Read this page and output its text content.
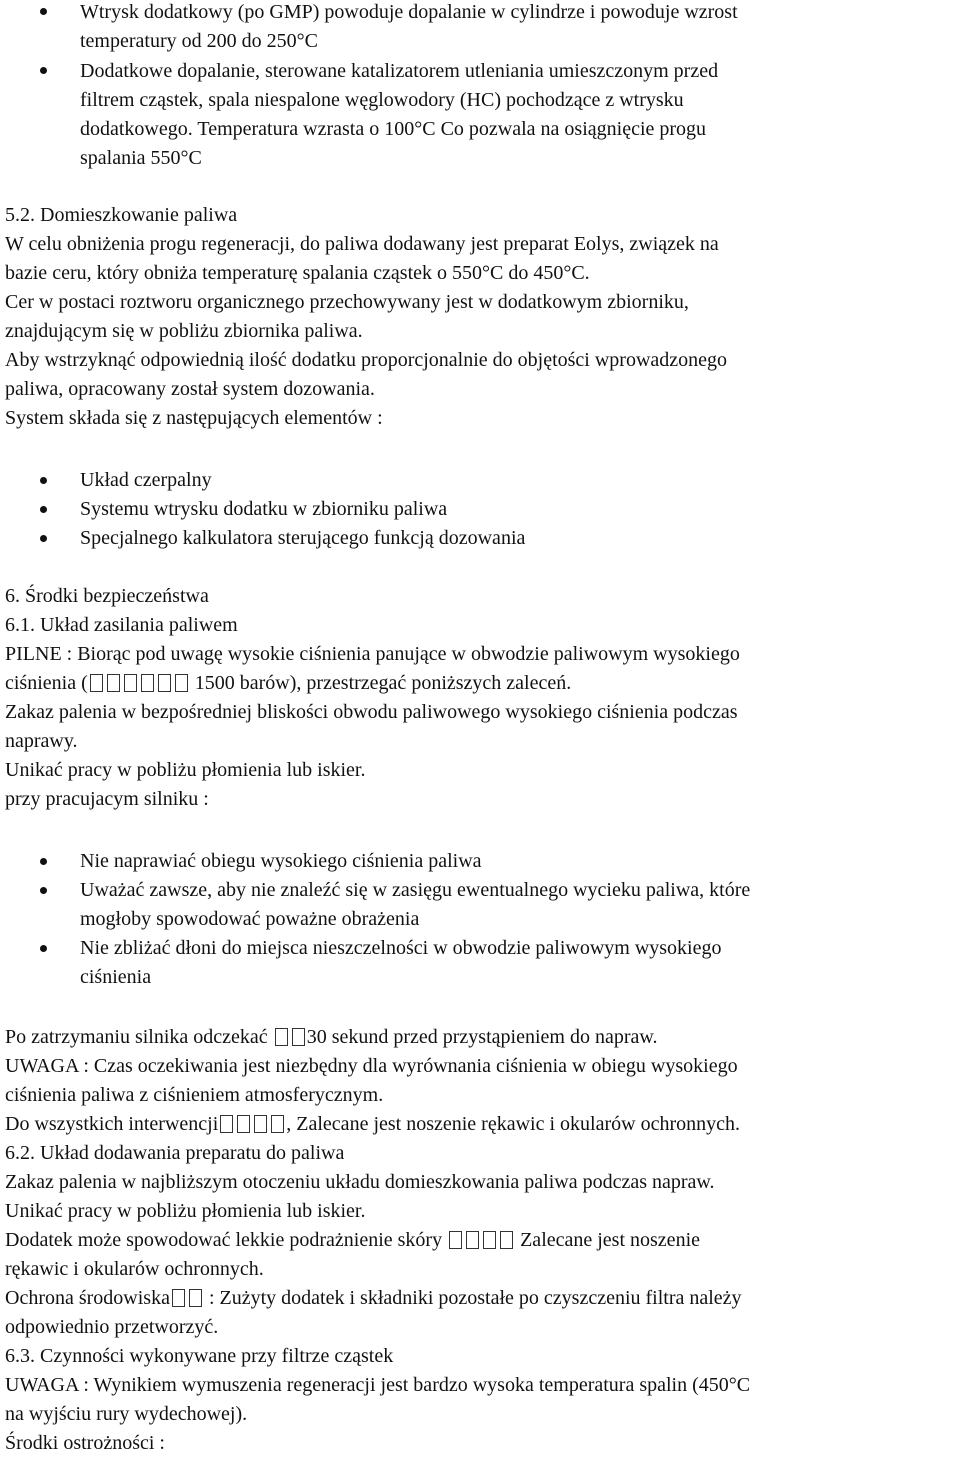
Wtrysk dodatkowy (po GMP) powoduje dopalanie w cylindrze i powoduje wzrost
temperatury od 200 do 250°C
Dodatkowe dopalanie, sterowane katalizatorem utleniania umieszczonym przed
filtrem cząstek, spala niespalone węglowodory (HC) pochodzące z wtrysku
dodatkowego. Temperatura wzrasta o 100°C Co pozwala na osiągnięcie progu
spalania 550°C
5.2. Domieszkowanie paliwa
W celu obniżenia progu regeneracji, do paliwa dodawany jest preparat Eolys, związek na
bazie ceru, który obniża temperaturę spalania cząstek o 550°C do 450°C.
Cer w postaci roztworu organicznego przechowywany jest w dodatkowym zbiorniku,
znajdującym się w pobliżu zbiornika paliwa.
Aby wstrzyknąć odpowiednią ilość dodatku proporcjonalnie do objętości wprowadzonego
paliwa, opracowany został system dozowania.
System składa się z następujących elementów :
Układ czerpalny
Systemu wtrysku dodatku w zbiorniku paliwa
Specjalnego kalkulatora sterującego funkcją dozowania
6. Środki bezpieczeństwa
6.1. Układ zasilania paliwem
PILNE : Biorąc pod uwagę wysokie ciśnienia panujące w obwodzie paliwowym wysokiego
ciśnienia (	1500 barów), przestrzegać poniższych zaleceń.
Zakaz palenia w bezpośredniej bliskości obwodu paliwowego wysokiego ciśnienia podczas
naprawy.
Unikać pracy w pobliżu płomienia lub iskier.
przy pracujacym silniku :
Nie naprawiać obiegu wysokiego ciśnienia paliwa
Uważać zawsze, aby nie znaleźć się w zasięgu ewentualnego wycieku paliwa, które
mogłoby spowodować poważne obrażenia
Nie zbliżać dłoni do miejsca nieszczelności w obwodzie paliwowym wysokiego
ciśnienia
Po zatrzymaniu silnika odczekać 30 sekund przed przystąpieniem do napraw.
UWAGA : Czas oczekiwania jest niezbędny dla wyrównania ciśnienia w obiegu wysokiego
ciśnienia paliwa z ciśnieniem atmosferycznym.
Do wszystkich interwencji	, Zalecane jest noszenie rękawic i okularów ochronnych.
6.2. Układ dodawania preparatu do paliwa
Zakaz palenia w najbliższym otoczeniu układu domieszkowania paliwa podczas napraw.
Unikać pracy w pobliżu płomienia lub iskier.
Dodatek może spowodować lekkie podrażnienie skóry	Zalecane jest noszenie
rękawic i okularów ochronnych.
Ochrona środowiska : Zużyty dodatek i składniki pozostałe po czyszczeniu filtra należy
odpowiednio przetworzyć.
6.3. Czynności wykonywane przy filtrze cząstek
UWAGA : Wynikiem wymuszenia regeneracji jest bardzo wysoka temperatura spalin (450°C
na wyjściu rury wydechowej).
Środki ostrożności :
